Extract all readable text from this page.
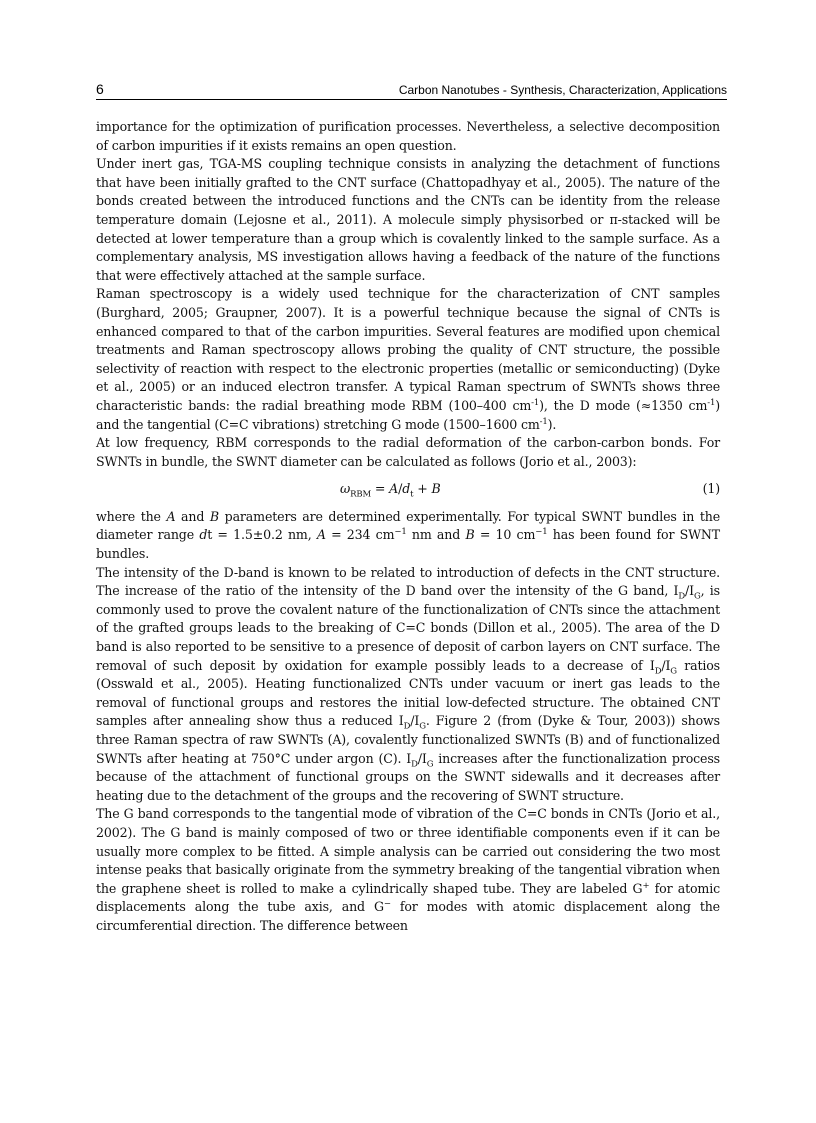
6	Carbon Nanotubes - Synthesis, Characterization, Applications

importance for the optimization of purification processes. Nevertheless, a selective decomposition of carbon impurities if it exists remains an open question.

Under inert gas, TGA-MS coupling technique consists in analyzing the detachment of functions that have been initially grafted to the CNT surface (Chattopadhyay et al., 2005). The nature of the bonds created between the introduced functions and the CNTs can be identity from the release temperature domain (Lejosne et al., 2011). A molecule simply physisorbed or π-stacked will be detected at lower temperature than a group which is covalently linked to the sample surface. As a complementary analysis, MS investigation allows having a feedback of the nature of the functions that were effectively attached at the sample surface.

Raman spectroscopy is a widely used technique for the characterization of CNT samples (Burghard, 2005; Graupner, 2007). It is a powerful technique because the signal of CNTs is enhanced compared to that of the carbon impurities. Several features are modified upon chemical treatments and Raman spectroscopy allows probing the quality of CNT structure, the possible selectivity of reaction with respect to the electronic properties (metallic or semiconducting) (Dyke et al., 2005) or an induced electron transfer. A typical Raman spectrum of SWNTs shows three characteristic bands: the radial breathing mode RBM (100–400 $cm^{-1}$), the D mode (≈1350 $cm^{-1}$) and the tangential (C=C vibrations) stretching G mode (1500–1600 $cm^{-1}$).

At low frequency, RBM corresponds to the radial deformation of the carbon-carbon bonds. For SWNTs in bundle, the SWNT diameter can be calculated as follows (Jorio et al., 2003):

$\omega_{RBM} = A/d_t + B$	(1)

where the A and B parameters are determined experimentally. For typical SWNT bundles in the diameter range dt = 1.5±0.2 nm, A = 234 $cm^{-1}$ nm and B = 10 $cm^{-1}$ has been found for SWNT bundles.

The intensity of the D-band is known to be related to introduction of defects in the CNT structure. The increase of the ratio of the intensity of the D band over the intensity of the G band, $I_D/I_G$, is commonly used to prove the covalent nature of the functionalization of CNTs since the attachment of the grafted groups leads to the breaking of C=C bonds (Dillon et al., 2005). The area of the D band is also reported to be sensitive to a presence of deposit of carbon layers on CNT surface. The removal of such deposit by oxidation for example possibly leads to a decrease of $I_D/I_G$ ratios (Osswald et al., 2005). Heating functionalized CNTs under vacuum or inert gas leads to the removal of functional groups and restores the initial low-defected structure. The obtained CNT samples after annealing show thus a reduced $I_D/I_G$. Figure 2 (from (Dyke & Tour, 2003)) shows three Raman spectra of raw SWNTs (A), covalently functionalized SWNTs (B) and of functionalized SWNTs after heating at 750°C under argon (C). $I_D/I_G$ increases after the functionalization process because of the attachment of functional groups on the SWNT sidewalls and it decreases after heating due to the detachment of the groups and the recovering of SWNT structure.

The G band corresponds to the tangential mode of vibration of the C=C bonds in CNTs (Jorio et al., 2002). The G band is mainly composed of two or three identifiable components even if it can be usually more complex to be fitted. A simple analysis can be carried out considering the two most intense peaks that basically originate from the symmetry breaking of the tangential vibration when the graphene sheet is rolled to make a cylindrically shaped tube. They are labeled G+ for atomic displacements along the tube axis, and G− for modes with atomic displacement along the circumferential direction. The difference between
